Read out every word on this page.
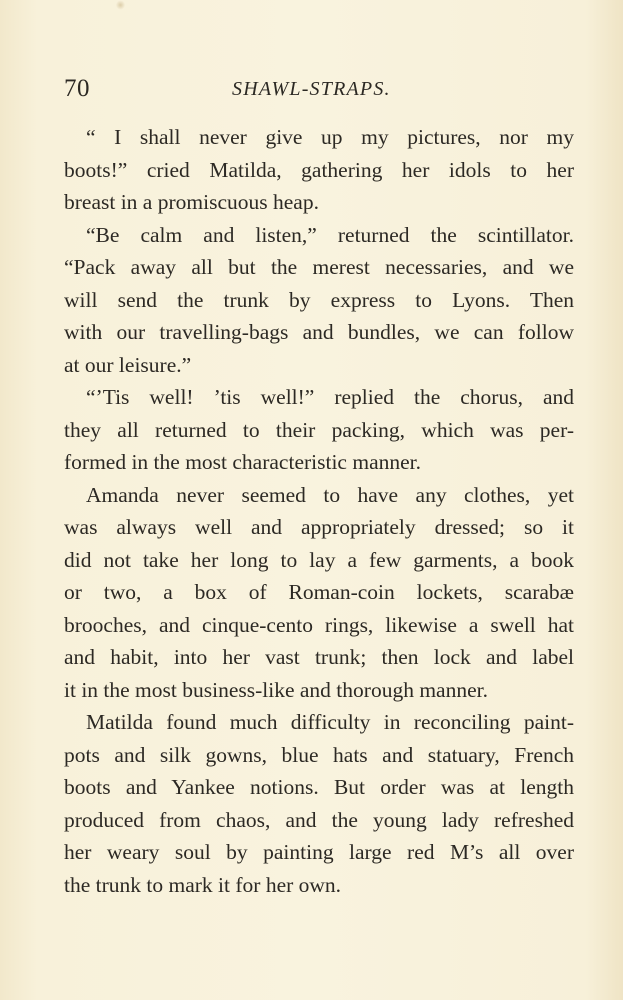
70	SHAWL-STRAPS.
“ I shall never give up my pictures, nor my
boots!” cried Matilda, gathering her idols to her
breast in a promiscuous heap.
“Be calm and listen,” returned the scintillator.
“Pack away all but the merest necessaries, and we
will send the trunk by express to Lyons. Then
with our travelling-bags and bundles, we can follow
at our leisure.”
“’Tis well! ’tis well!” replied the chorus, and
they all returned to their packing, which was per-
formed in the most characteristic manner.
Amanda never seemed to have any clothes, yet
was always well and appropriately dressed; so it
did not take her long to lay a few garments, a book
or two, a box of Roman-coin lockets, scarabæ
brooches, and cinque-cento rings, likewise a swell hat
and habit, into her vast trunk; then lock and label
it in the most business-like and thorough manner.
Matilda found much difficulty in reconciling paint-
pots and silk gowns, blue hats and statuary, French
boots and Yankee notions. But order was at length
produced from chaos, and the young lady refreshed
her weary soul by painting large red M’s all over
the trunk to mark it for her own.
